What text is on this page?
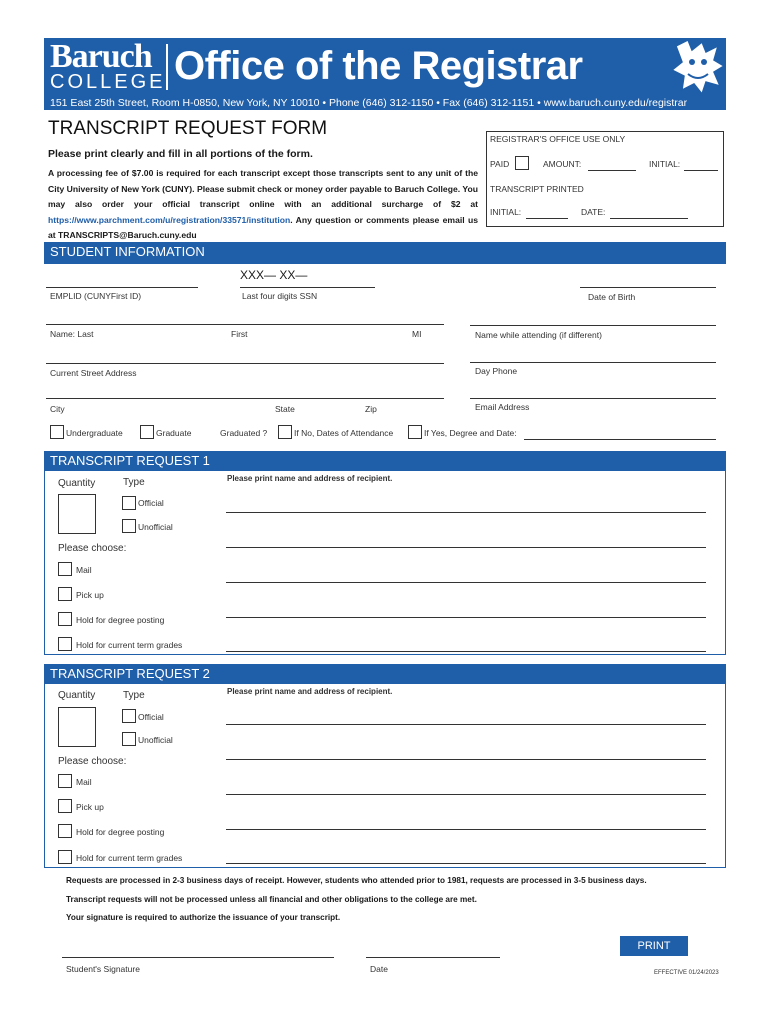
Baruch
COLLEGE Office of the Registrar
151 East 25th Street, Room H-0850, New York, NY 10010 • Phone (646) 312-1150 • Fax (646) 312-1151 • www.baruch.cuny.edu/registrar
TRANSCRIPT REQUEST FORM
Please print clearly and fill in all portions of the form.
A processing fee of $7.00 is required for each transcript except those transcripts sent to any unit of the City University of New York (CUNY). Please submit check or money order payable to Baruch College. You may also order your official transcript online with an additional surcharge of $2 at https://www.parchment.com/u/registration/33571/institution. Any question or comments please email us at TRANSCRIPTS@Baruch.cuny.edu
REGISTRAR'S OFFICE USE ONLY
PAID	AMOUNT:	INITIAL:
TRANSCRIPT PRINTED
INITIAL:	DATE:
STUDENT INFORMATION
XXX— XX—
EMPLID (CUNYFirst ID)	Last four digits SSN	Date of Birth
Name: Last	First	MI	Name while attending (if different)
Current Street Address	Day Phone
City	State	Zip	Email Address
Undergraduate	Graduate	Graduated ?	If No, Dates of Attendance	If Yes, Degree and Date:
TRANSCRIPT REQUEST 1
Quantity	Type
Official
Unofficial
Please print name and address of recipient.
Please choose:
Mail
Pick up
Hold for degree posting
Hold for current term grades
TRANSCRIPT REQUEST 2
Quantity	Type
Official
Unofficial
Please print name and address of recipient.
Please choose:
Mail
Pick up
Hold for degree posting
Hold for current term grades
Requests are processed in 2-3 business days of receipt. However, students who attended prior to 1981, requests are processed in 3-5 business days.
Transcript requests will not be processed unless all financial and other obligations to the college are met.
Your signature is required to authorize the issuance of your transcript.
PRINT
Student's Signature	Date	EFFECTIVE 01/24/2023
